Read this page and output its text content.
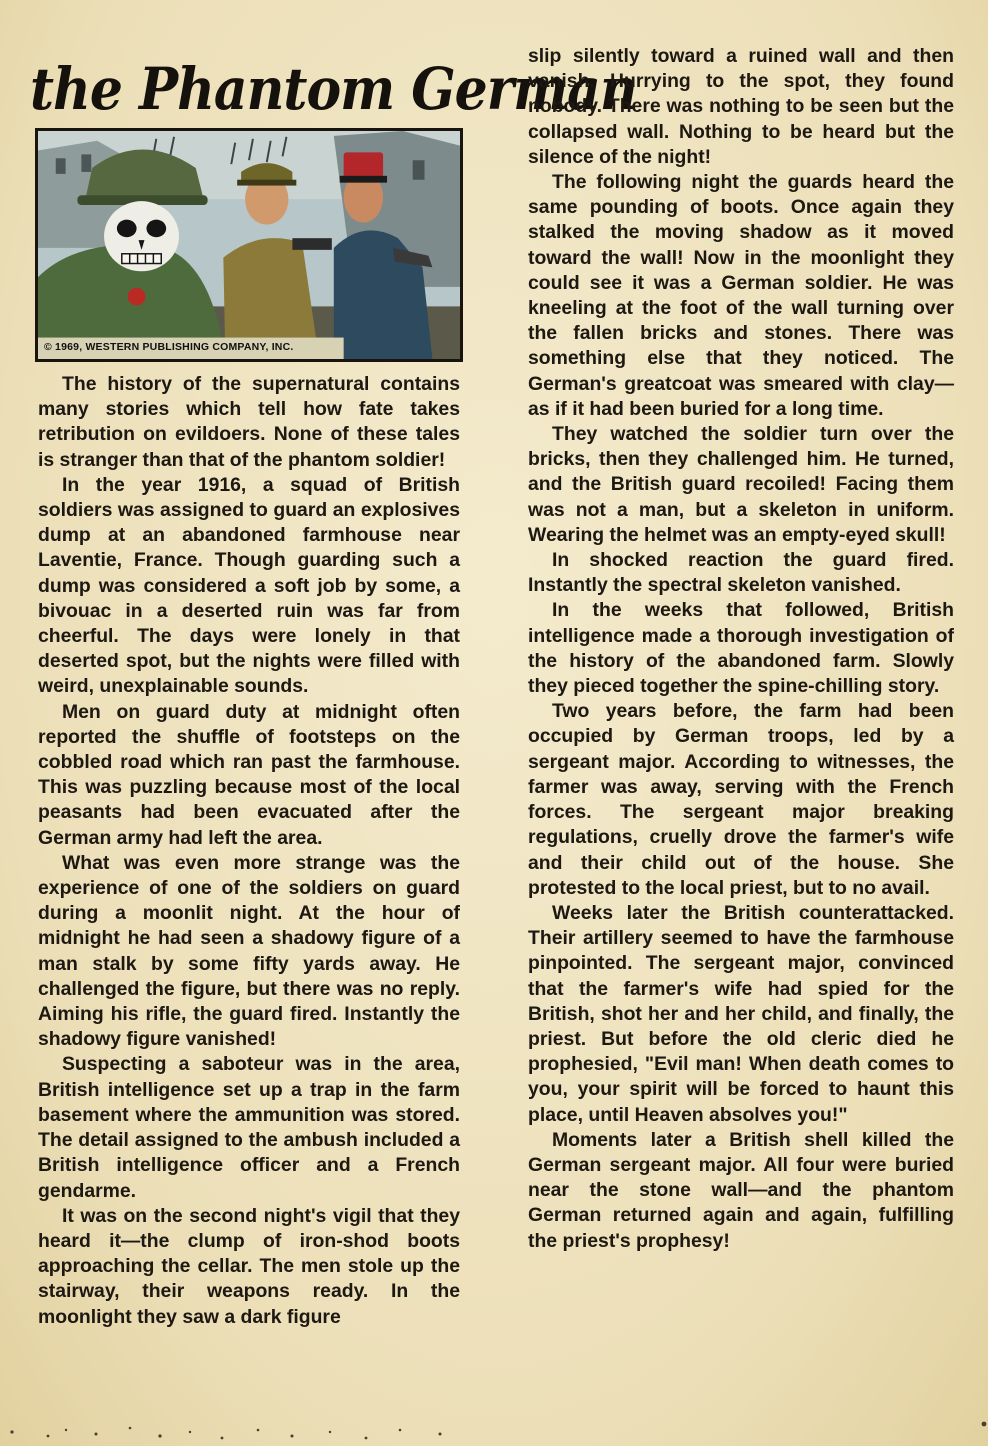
the Phantom German
© 1969, WESTERN PUBLISHING COMPANY, INC.

The history of the supernatural contains many stories which tell how fate takes retribution on evildoers. None of these tales is stranger than that of the phantom soldier!

In the year 1916, a squad of British soldiers was assigned to guard an explosives dump at an abandoned farmhouse near Laventie, France. Though guarding such a dump was considered a soft job by some, a bivouac in a deserted ruin was far from cheerful. The days were lonely in that deserted spot, but the nights were filled with weird, unexplainable sounds.

Men on guard duty at midnight often reported the shuffle of footsteps on the cobbled road which ran past the farmhouse. This was puzzling because most of the local peasants had been evacuated after the German army had left the area.

What was even more strange was the experience of one of the soldiers on guard during a moonlit night. At the hour of midnight he had seen a shadowy figure of a man stalk by some fifty yards away. He challenged the figure, but there was no reply. Aiming his rifle, the guard fired. Instantly the shadowy figure vanished!

Suspecting a saboteur was in the area, British intelligence set up a trap in the farm basement where the ammunition was stored. The detail assigned to the ambush included a British intelligence officer and a French gendarme.

It was on the second night's vigil that they heard it—the clump of iron-shod boots approaching the cellar. The men stole up the stairway, their weapons ready. In the moonlight they saw a dark figure

slip silently toward a ruined wall and then vanish. Hurrying to the spot, they found nobody. There was nothing to be seen but the collapsed wall. Nothing to be heard but the silence of the night!

The following night the guards heard the same pounding of boots. Once again they stalked the moving shadow as it moved toward the wall! Now in the moonlight they could see it was a German soldier. He was kneeling at the foot of the wall turning over the fallen bricks and stones. There was something else that they noticed. The German's greatcoat was smeared with clay—as if it had been buried for a long time.

They watched the soldier turn over the bricks, then they challenged him. He turned, and the British guard recoiled! Facing them was not a man, but a skeleton in uniform. Wearing the helmet was an empty-eyed skull!

In shocked reaction the guard fired. Instantly the spectral skeleton vanished.

In the weeks that followed, British intelligence made a thorough investigation of the history of the abandoned farm. Slowly they pieced together the spine-chilling story.

Two years before, the farm had been occupied by German troops, led by a sergeant major. According to witnesses, the farmer was away, serving with the French forces. The sergeant major breaking regulations, cruelly drove the farmer's wife and their child out of the house. She protested to the local priest, but to no avail.

Weeks later the British counterattacked. Their artillery seemed to have the farmhouse pinpointed. The sergeant major, convinced that the farmer's wife had spied for the British, shot her and her child, and finally, the priest. But before the old cleric died he prophesied, "Evil man! When death comes to you, your spirit will be forced to haunt this place, until Heaven absolves you!"

Moments later a British shell killed the German sergeant major. All four were buried near the stone wall—and the phantom German returned again and again, fulfilling the priest's prophesy!
